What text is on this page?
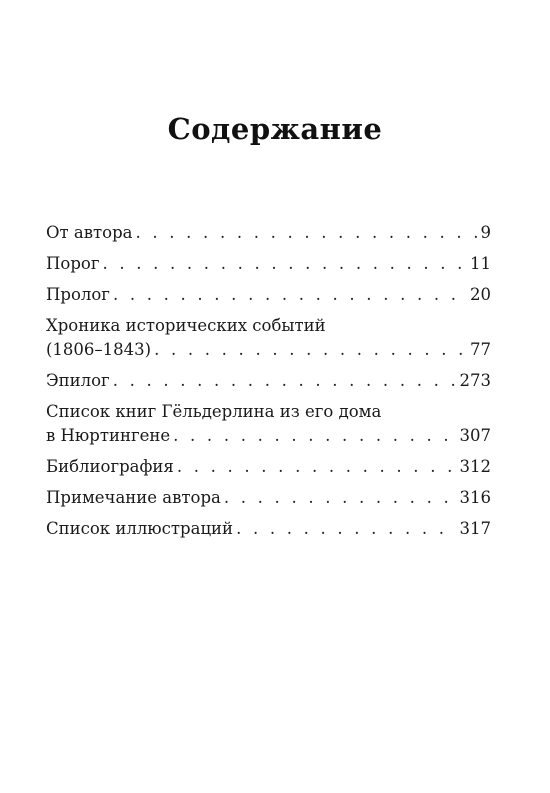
Содержание
От автора . . .	9
Порог . . .	11
Пролог . . .	20
Хроника исторических событий
(1806–1843) . . .	77
Эпилог . . .	273
Список книг Гёльдерлина из его дома
в Нюртингене . . .	307
Библиография . . .	312
Примечание автора . . .	316
Список иллюстраций . . .	317
